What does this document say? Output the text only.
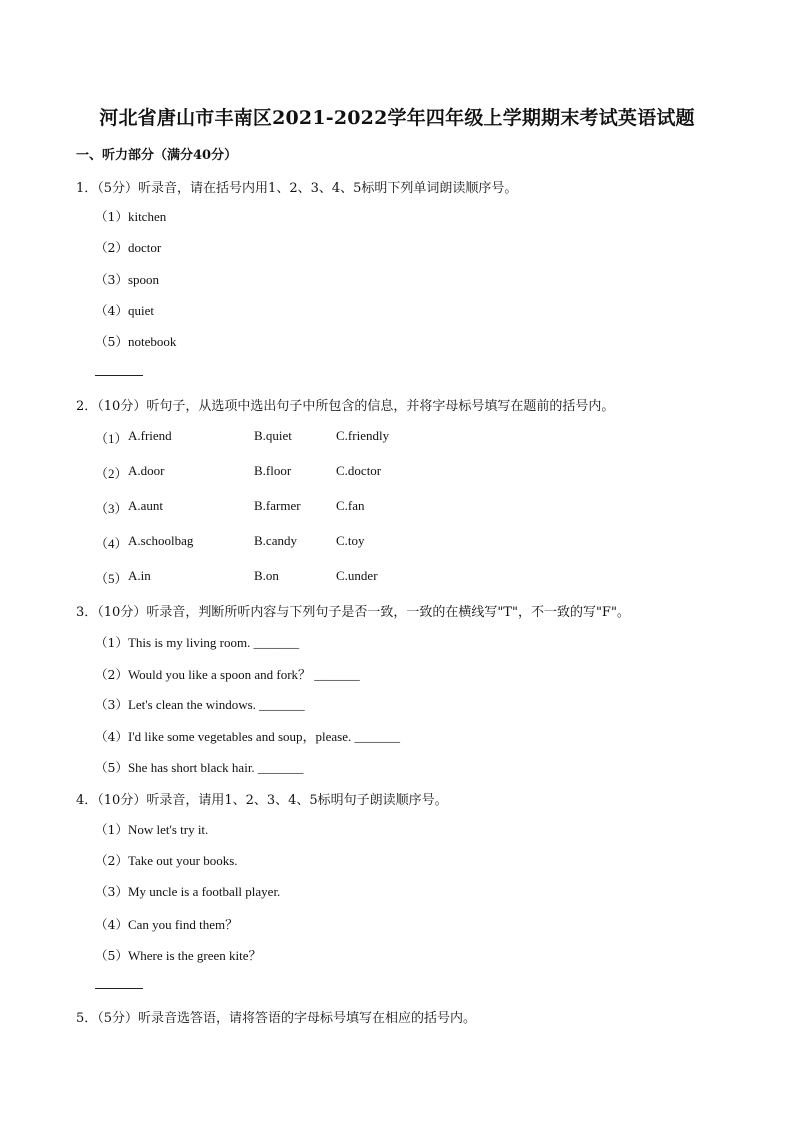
河北省唐山市丰南区2021-2022学年四年级上学期期末考试英语试题
一、听力部分（满分40分）
1．（5分）听录音，请在括号内用1、2、3、4、5标明下列单词朗读顺序号。
（1）kitchen
（2）doctor
（3）spoon
（4）quiet
（5）notebook
2．（10分）听句子，从选项中选出句子中所包含的信息，并将字母标号填写在题前的括号内。
（1） A.friend	B.quiet	C.friendly
（2） A.door	B.floor	C.doctor
（3） A.aunt	B.farmer	C.fan
（4） A.schoolbag	B.candy	C.toy
（5） A.in	B.on	C.under
3．（10分）听录音，判断所听内容与下列句子是否一致，一致的在横线写"T"，不一致的写"F"。
（1）This is my living room. _______
（2）Would you like a spoon and fork？ _______
（3）Let's clean the windows. _______
（4）I'd like some vegetables and soup，please. _______
（5）She has short black hair. _______
4．（10分）听录音，请用1、2、3、4、5标明句子朗读顺序号。
（1）Now let's try it.
（2）Take out your books.
（3）My uncle is a football player.
（4）Can you find them？
（5）Where is the green kite？
5．（5分）听录音选答语，请将答语的字母标号填写在相应的括号内。
